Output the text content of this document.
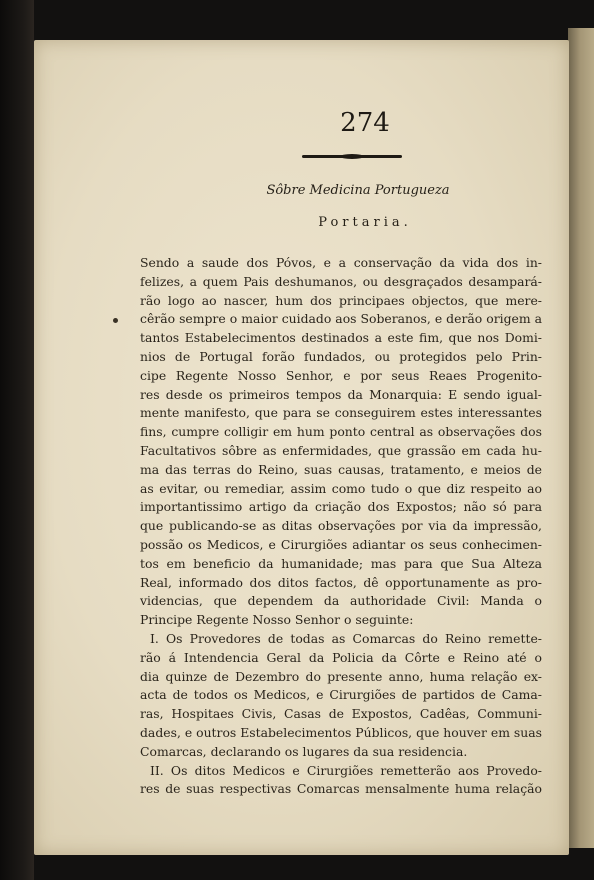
274
Sôbre Medicina Portugueza
Portaria.
Sendo a saude dos Póvos, e a conservação da vida dos in-
felizes, a quem Pais deshumanos, ou desgraçados desampará-
rão logo ao nascer, hum dos principaes objectos, que mere-
cêrão sempre o maior cuidado aos Soberanos, e derão origem a
tantos Estabelecimentos destinados a este fim, que nos Domi-
nios de Portugal forão fundados, ou protegidos pelo Prin-
cipe Regente Nosso Senhor, e por seus Reaes Progenito-
res desde os primeiros tempos da Monarquia: E sendo igual-
mente manifesto, que para se conseguirem estes interessantes
fins, cumpre colligir em hum ponto central as observações dos
Facultativos sôbre as enfermidades, que grassão em cada hu-
ma das terras do Reino, suas causas, tratamento, e meios de
as evitar, ou remediar, assim como tudo o que diz respeito ao
importantissimo artigo da criação dos Expostos; não só para
que publicando-se as ditas observações por via da impressão,
possão os Medicos, e Cirurgiões adiantar os seus conhecimen-
tos em beneficio da humanidade; mas para que Sua Alteza
Real, informado dos ditos factos, dê opportunamente as pro-
videncias, que dependem da authoridade Civil: Manda o
Principe Regente Nosso Senhor o seguinte:
I. Os Provedores de todas as Comarcas do Reino remette-
rão á Intendencia Geral da Policia da Côrte e Reino até o
dia quinze de Dezembro do presente anno, huma relação ex-
acta de todos os Medicos, e Cirurgiões de partidos de Cama-
ras, Hospitaes Civis, Casas de Expostos, Cadêas, Communi-
dades, e outros Estabelecimentos Públicos, que houver em suas
Comarcas, declarando os lugares da sua residencia.
II. Os ditos Medicos e Cirurgiões remetterão aos Provedo-
res de suas respectivas Comarcas mensalmente huma relação
